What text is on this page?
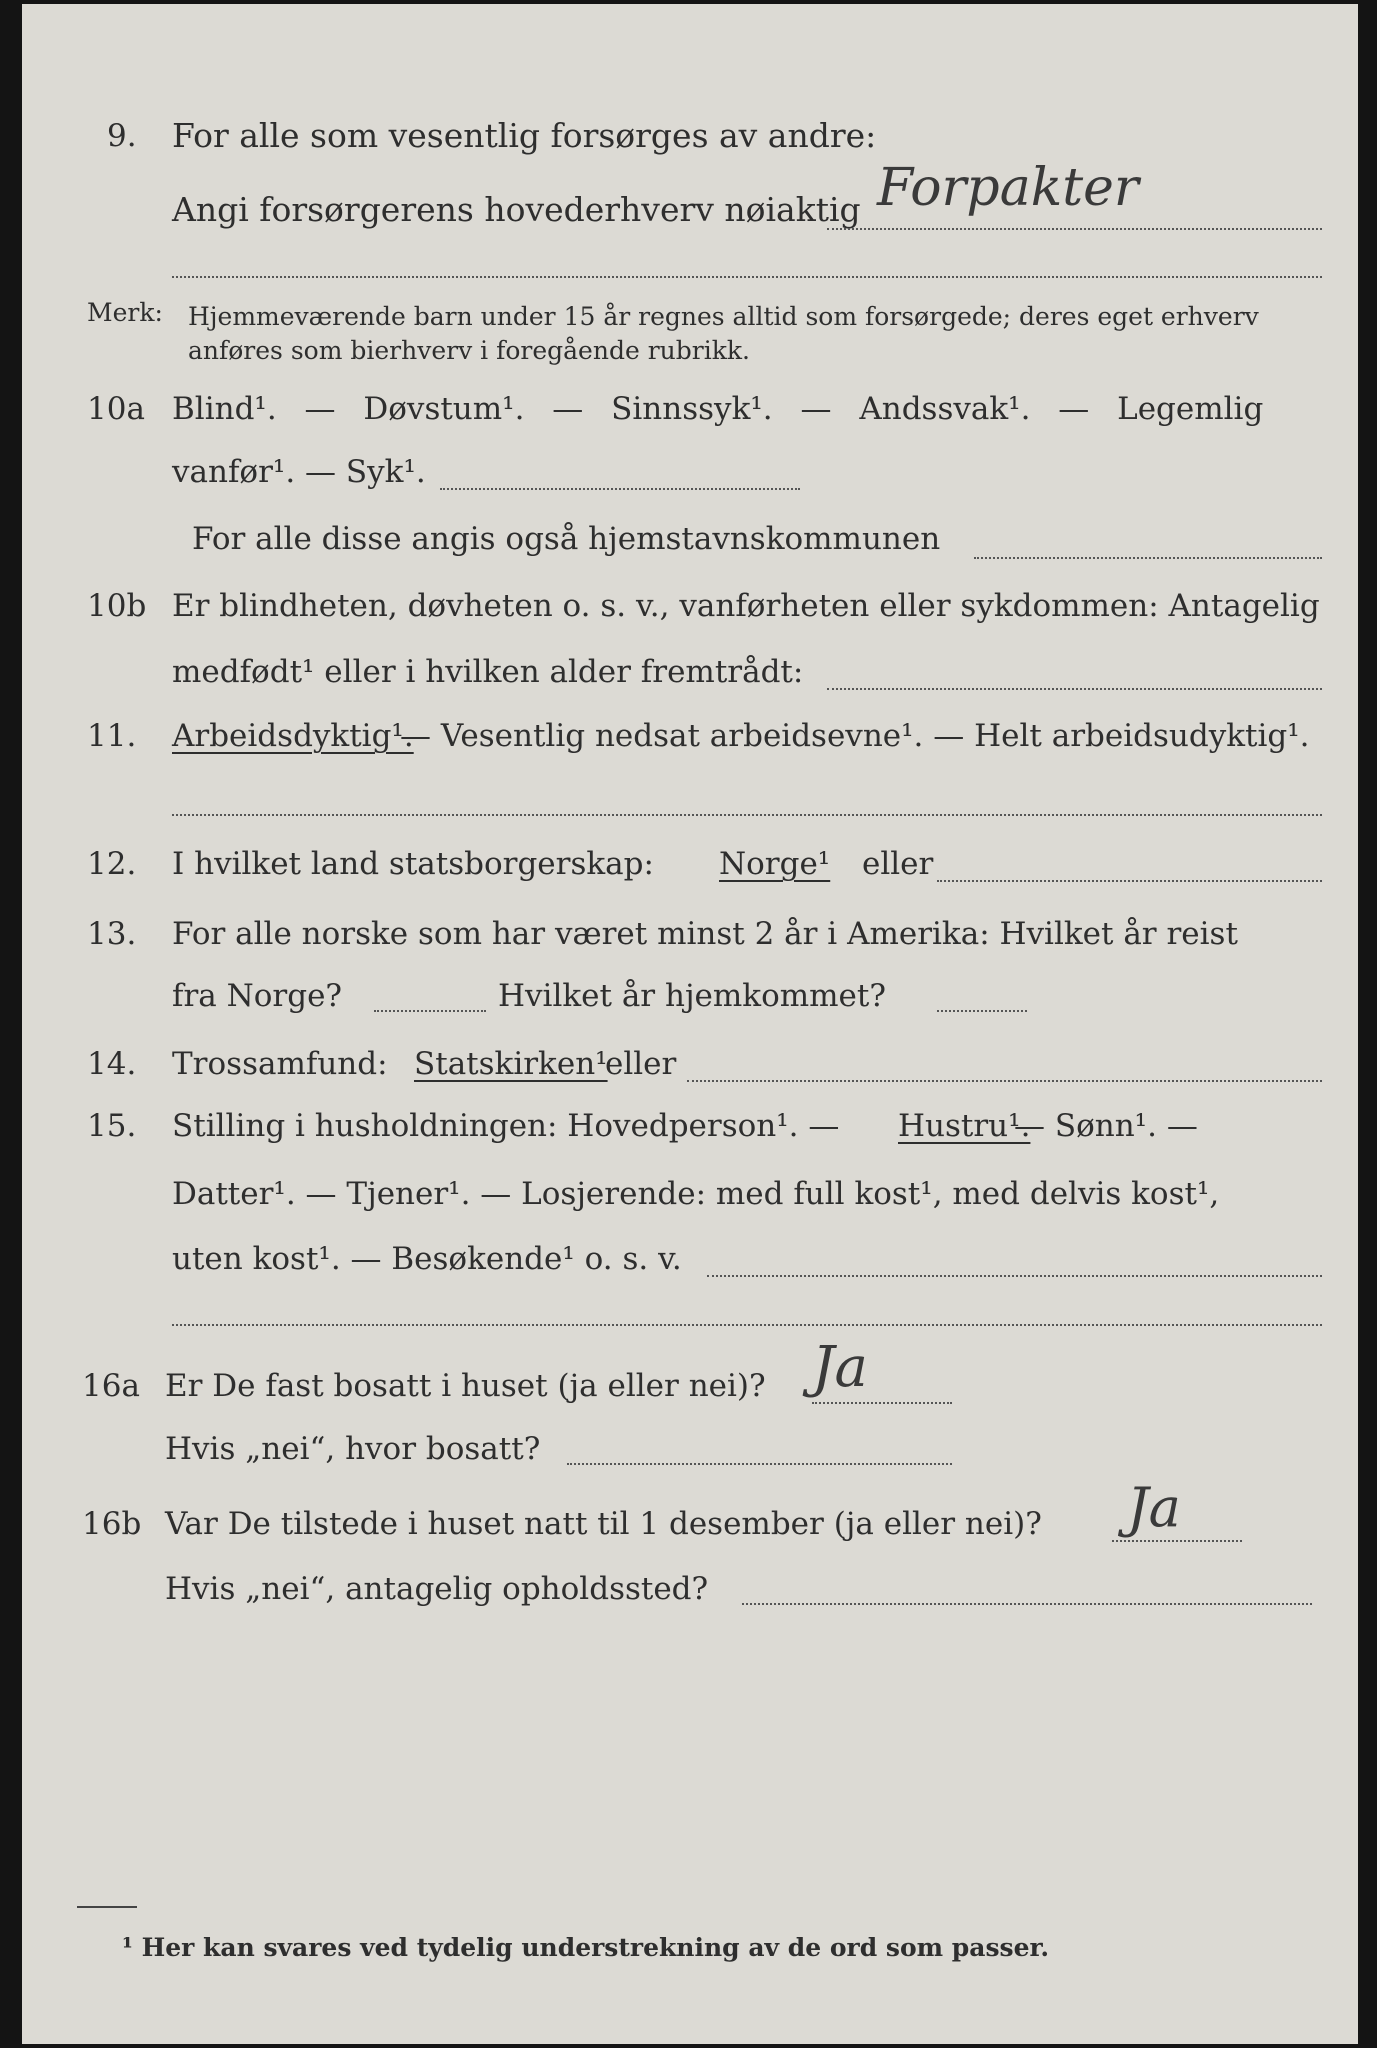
9. For alle som vesentlig forsørges av andre:
Angi forsørgerens hovederhverv nøiaktig Forpakter
Merk: Hjemmeværende barn under 15 år regnes alltid som forsørgede; deres eget erhverv
anføres som bierhverv i foregående rubrikk.
10a Blind¹. — Døvstum¹. — Sinnssyk¹. — Andssvak¹. — Legemlig
vanfør¹. — Syk¹.
For alle disse angis også hjemstavnskommunen
10b Er blindheten, døvheten o. s. v., vanførheten eller sykdommen: Antagelig
medfødt¹ eller i hvilken alder fremtrådt:
11. Arbeidsdyktig¹.
— Vesentlig nedsat arbeidsevne¹. — Helt arbeidsudyktig¹.
12. I hvilket land statsborgerskap: Norge¹ eller
13. For alle norske som har været minst 2 år i Amerika: Hvilket år reist
fra Norge?	Hvilket år hjemkommet?
14. Trossamfund: Statskirken¹
eller
15. Stilling i husholdningen: Hovedperson¹. — Hustru¹.
— Sønn¹. —
Datter¹. — Tjener¹. — Losjerende: med full kost¹, med delvis kost¹,
uten kost¹. — Besøkende¹ o. s. v.
16a Er De fast bosatt i huset (ja eller nei)? Ja
Hvis „nei“, hvor bosatt?
16b Var De tilstede i huset natt til 1 desember (ja eller nei)? Ja
Hvis „nei“, antagelig opholdssted?
¹ Her kan svares ved tydelig understrekning av de ord som passer.
